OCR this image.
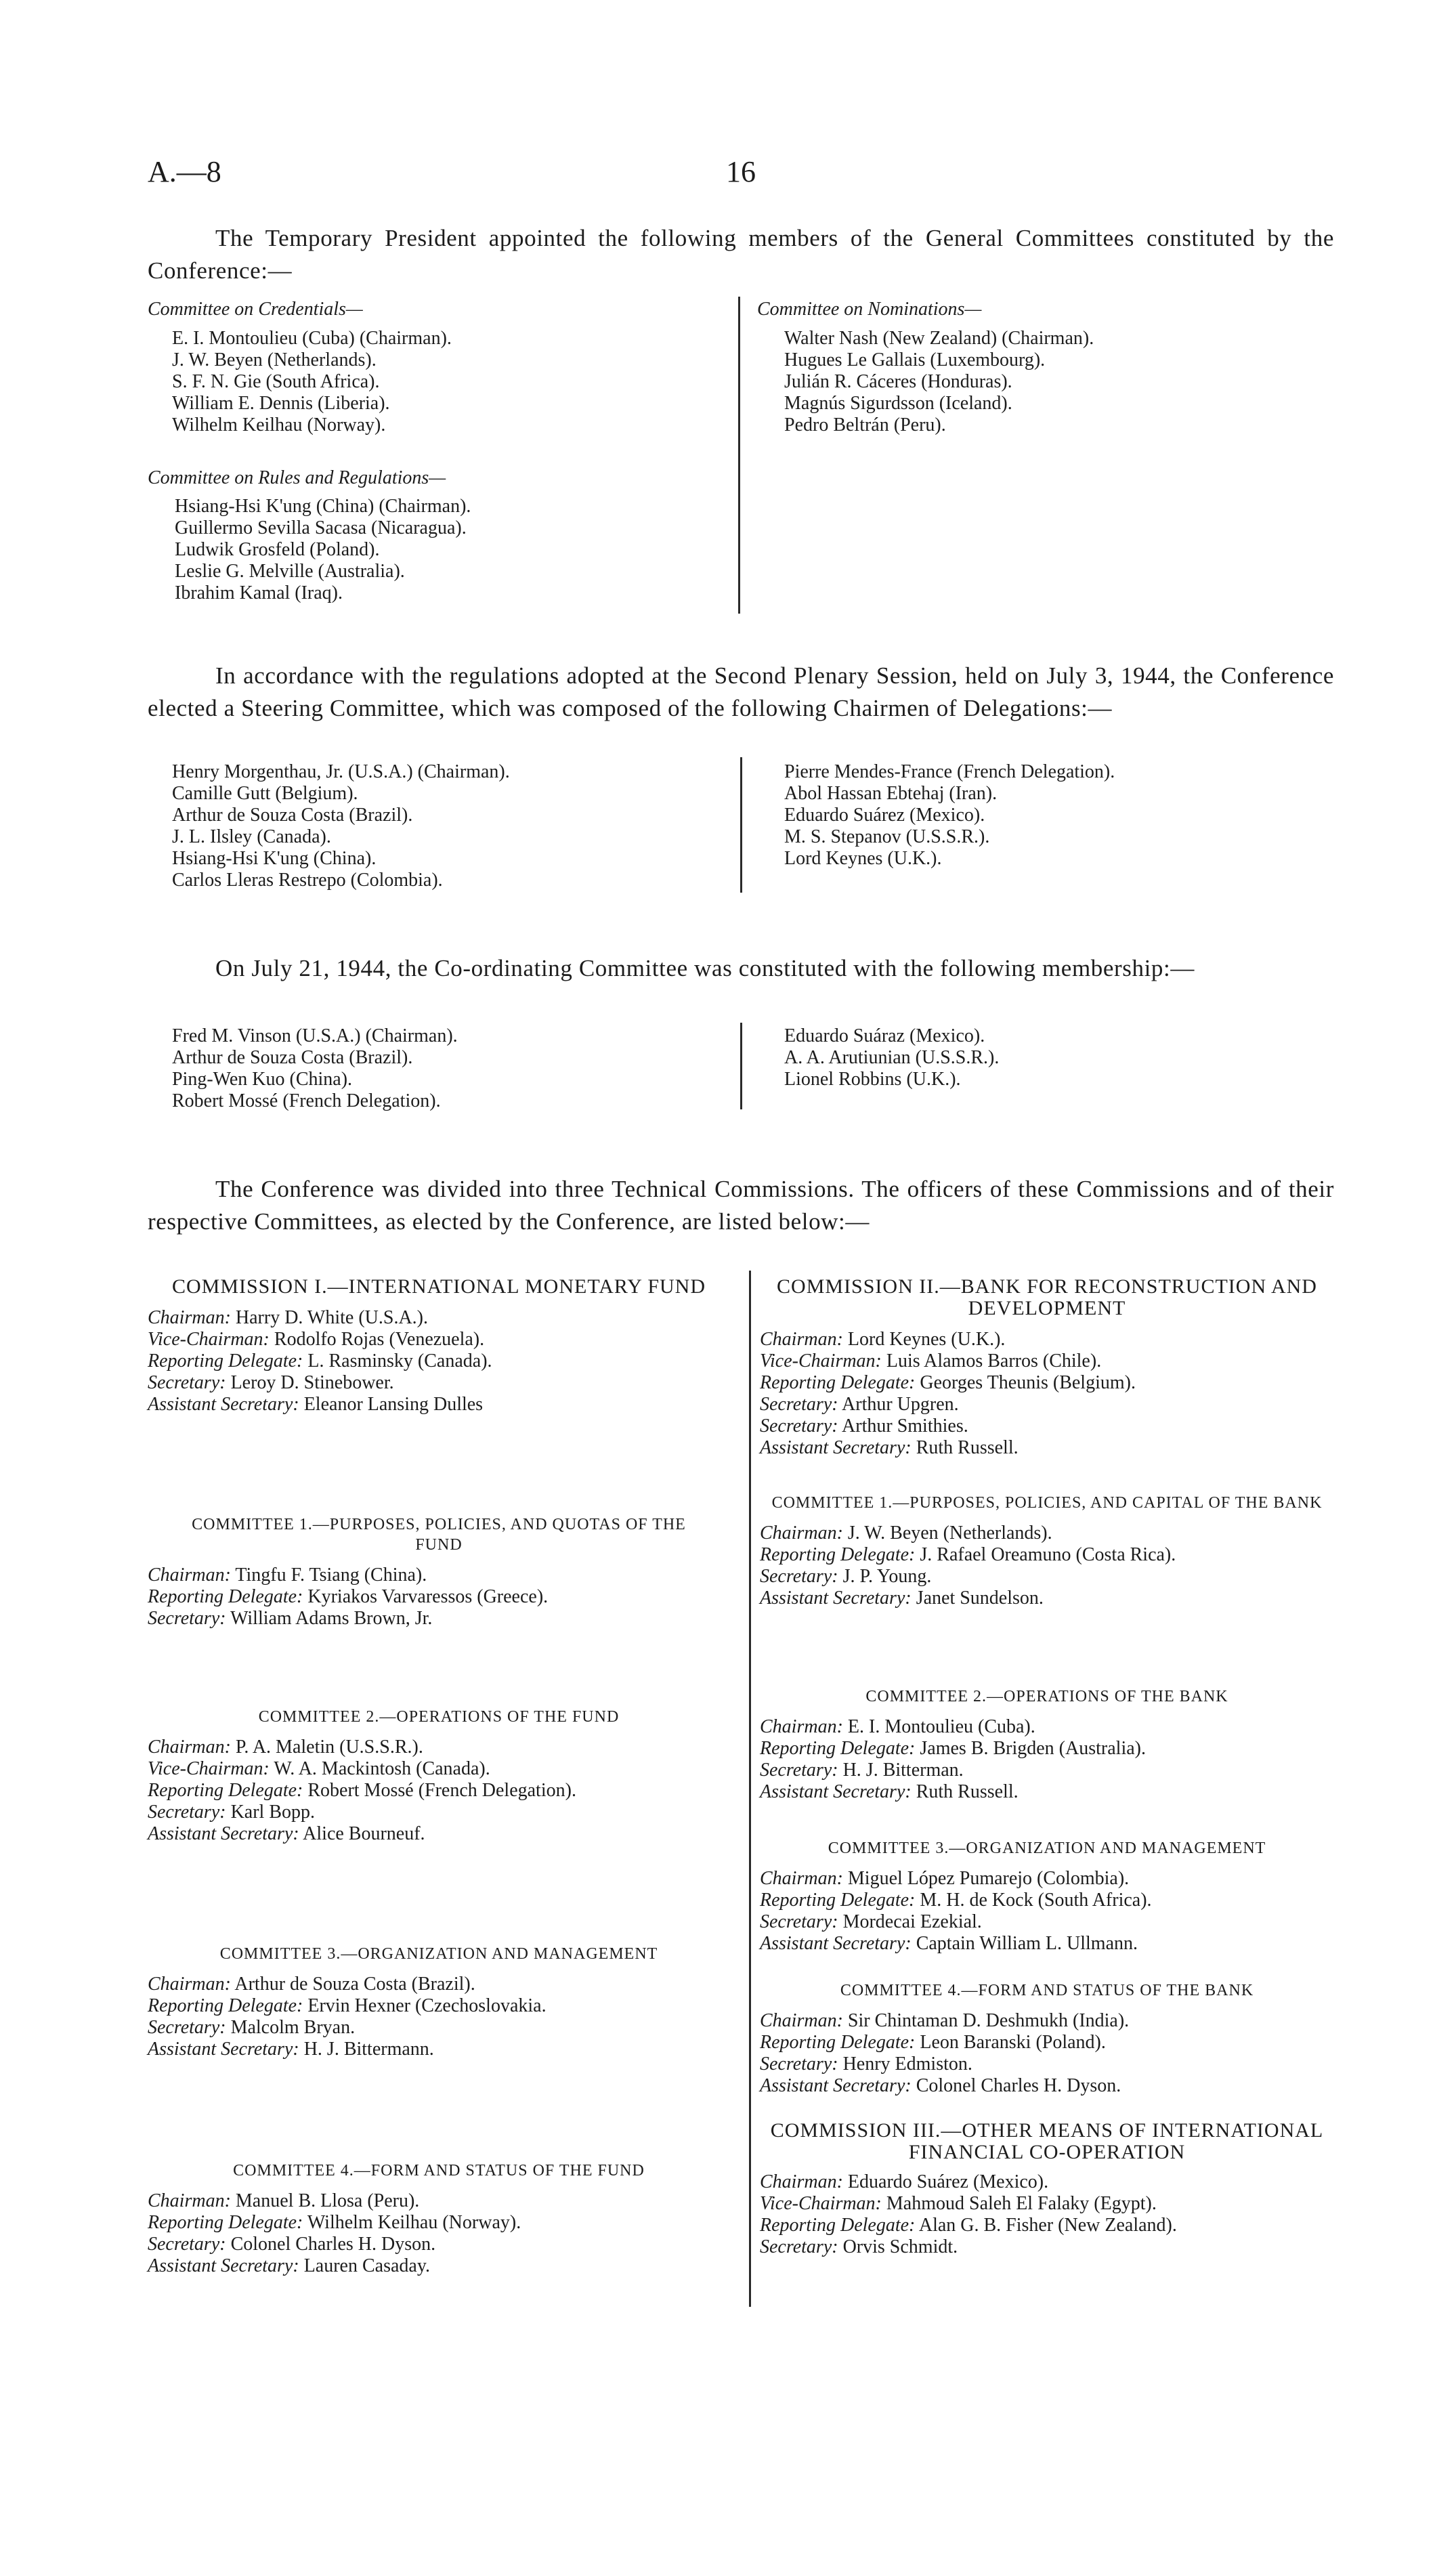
A.—8	16
The Temporary President appointed the following members of the General Committees constituted by the Conference:—
Committee on Credentials—
E. I. Montoulieu (Cuba) (Chairman).
J. W. Beyen (Netherlands).
S. F. N. Gie (South Africa).
William E. Dennis (Liberia).
Wilhelm Keilhau (Norway).
Committee on Rules and Regulations—
Hsiang-Hsi K'ung (China) (Chairman).
Guillermo Sevilla Sacasa (Nicaragua).
Ludwik Grosfeld (Poland).
Leslie G. Melville (Australia).
Ibrahim Kamal (Iraq).
Committee on Nominations—
Walter Nash (New Zealand) (Chairman).
Hugues Le Gallais (Luxembourg).
Julián R. Cáceres (Honduras).
Magnús Sigurdsson (Iceland).
Pedro Beltrán (Peru).
In accordance with the regulations adopted at the Second Plenary Session, held on July 3, 1944, the Conference elected a Steering Committee, which was composed of the following Chairmen of Delegations:—
Henry Morgenthau, Jr. (U.S.A.) (Chairman).
Camille Gutt (Belgium).
Arthur de Souza Costa (Brazil).
J. L. Ilsley (Canada).
Hsiang-Hsi K'ung (China).
Carlos Lleras Restrepo (Colombia).
Pierre Mendes-France (French Delegation).
Abol Hassan Ebtehaj (Iran).
Eduardo Suárez (Mexico).
M. S. Stepanov (U.S.S.R.).
Lord Keynes (U.K.).
On July 21, 1944, the Co-ordinating Committee was constituted with the following membership:—
Fred M. Vinson (U.S.A.) (Chairman).
Arthur de Souza Costa (Brazil).
Ping-Wen Kuo (China).
Robert Mossé (French Delegation).
Eduardo Suáraz (Mexico).
A. A. Arutiunian (U.S.S.R.).
Lionel Robbins (U.K.).
The Conference was divided into three Technical Commissions. The officers of these Commissions and of their respective Committees, as elected by the Conference, are listed below:—
COMMISSION I.—INTERNATIONAL MONETARY FUND
Chairman: Harry D. White (U.S.A.).
Vice-Chairman: Rodolfo Rojas (Venezuela).
Reporting Delegate: L. Rasminsky (Canada).
Secretary: Leroy D. Stinebower.
Assistant Secretary: Eleanor Lansing Dulles
COMMITTEE 1.—PURPOSES, POLICIES, AND QUOTAS OF THE FUND
Chairman: Tingfu F. Tsiang (China).
Reporting Delegate: Kyriakos Varvaressos (Greece).
Secretary: William Adams Brown, Jr.
COMMITTEE 2.—OPERATIONS OF THE FUND
Chairman: P. A. Maletin (U.S.S.R.).
Vice-Chairman: W. A. Mackintosh (Canada).
Reporting Delegate: Robert Mossé (French Delegation).
Secretary: Karl Bopp.
Assistant Secretary: Alice Bourneuf.
COMMITTEE 3.—ORGANIZATION AND MANAGEMENT
Chairman: Arthur de Souza Costa (Brazil).
Reporting Delegate: Ervin Hexner (Czechoslovakia.
Secretary: Malcolm Bryan.
Assistant Secretary: H. J. Bittermann.
COMMITTEE 4.—FORM AND STATUS OF THE FUND
Chairman: Manuel B. Llosa (Peru).
Reporting Delegate: Wilhelm Keilhau (Norway).
Secretary: Colonel Charles H. Dyson.
Assistant Secretary: Lauren Casaday.
COMMISSION II.—BANK FOR RECONSTRUCTION AND DEVELOPMENT
Chairman: Lord Keynes (U.K.).
Vice-Chairman: Luis Alamos Barros (Chile).
Reporting Delegate: Georges Theunis (Belgium).
Secretary: Arthur Upgren.
Secretary: Arthur Smithies.
Assistant Secretary: Ruth Russell.
COMMITTEE 1.—PURPOSES, POLICIES, AND CAPITAL OF THE BANK
Chairman: J. W. Beyen (Netherlands).
Reporting Delegate: J. Rafael Oreamuno (Costa Rica).
Secretary: J. P. Young.
Assistant Secretary: Janet Sundelson.
COMMITTEE 2.—OPERATIONS OF THE BANK
Chairman: E. I. Montoulieu (Cuba).
Reporting Delegate: James B. Brigden (Australia).
Secretary: H. J. Bitterman.
Assistant Secretary: Ruth Russell.
COMMITTEE 3.—ORGANIZATION AND MANAGEMENT
Chairman: Miguel López Pumarejo (Colombia).
Reporting Delegate: M. H. de Kock (South Africa).
Secretary: Mordecai Ezekial.
Assistant Secretary: Captain William L. Ullmann.
COMMITTEE 4.—FORM AND STATUS OF THE BANK
Chairman: Sir Chintaman D. Deshmukh (India).
Reporting Delegate: Leon Baranski (Poland).
Secretary: Henry Edmiston.
Assistant Secretary: Colonel Charles H. Dyson.
COMMISSION III.—OTHER MEANS OF INTERNATIONAL FINANCIAL CO-OPERATION
Chairman: Eduardo Suárez (Mexico).
Vice-Chairman: Mahmoud Saleh El Falaky (Egypt).
Reporting Delegate: Alan G. B. Fisher (New Zealand).
Secretary: Orvis Schmidt.
